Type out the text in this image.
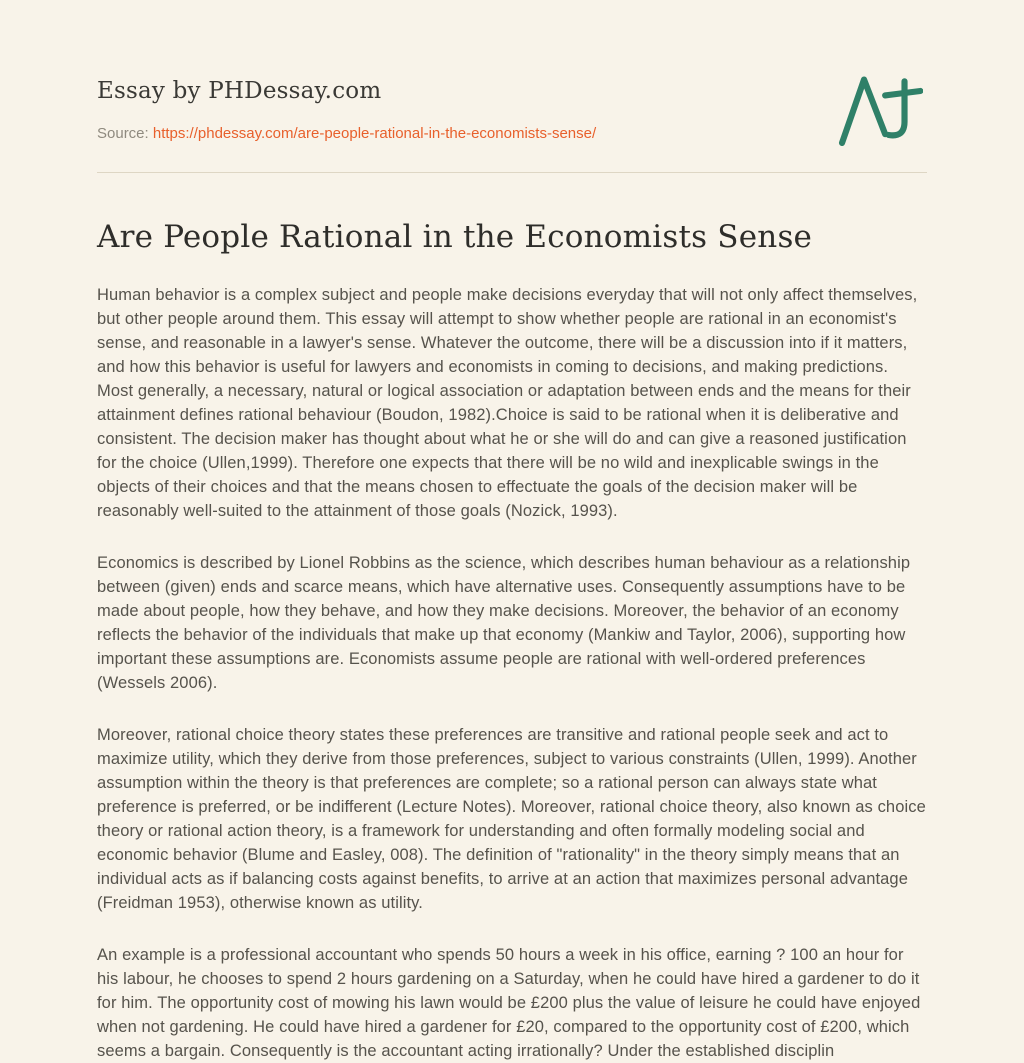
Essay by PHDessay.com
Source: https://phdessay.com/are-people-rational-in-the-economists-sense/
Are People Rational in the Economists Sense

Human behavior is a complex subject and people make decisions everyday that will not only affect themselves, but other people around them. This essay will attempt to show whether people are rational in an economist's sense, and reasonable in a lawyer's sense. Whatever the outcome, there will be a discussion into if it matters, and how this behavior is useful for lawyers and economists in coming to decisions, and making predictions. Most generally, a necessary, natural or logical association or adaptation between ends and the means for their attainment defines rational behaviour (Boudon, 1982).Choice is said to be rational when it is deliberative and consistent. The decision maker has thought about what he or she will do and can give a reasoned justification for the choice (Ullen,1999). Therefore one expects that there will be no wild and inexplicable swings in the objects of their choices and that the means chosen to effectuate the goals of the decision maker will be reasonably well-suited to the attainment of those goals (Nozick, 1993).

Economics is described by Lionel Robbins as the science, which describes human behaviour as a relationship between (given) ends and scarce means, which have alternative uses. Consequently assumptions have to be made about people, how they behave, and how they make decisions. Moreover, the behavior of an economy reflects the behavior of the individuals that make up that economy (Mankiw and Taylor, 2006), supporting how important these assumptions are. Economists assume people are rational with well-ordered preferences (Wessels 2006).

Moreover, rational choice theory states these preferences are transitive and rational people seek and act to maximize utility, which they derive from those preferences, subject to various constraints (Ullen, 1999). Another assumption within the theory is that preferences are complete; so a rational person can always state what preference is preferred, or be indifferent (Lecture Notes). Moreover, rational choice theory, also known as choice theory or rational action theory, is a framework for understanding and often formally modeling social and economic behavior (Blume and Easley, 008). The definition of "rationality" in the theory simply means that an individual acts as if balancing costs against benefits, to arrive at an action that maximizes personal advantage (Freidman 1953), otherwise known as utility.

An example is a professional accountant who spends 50 hours a week in his office, earning ? 100 an hour for his labour, he chooses to spend 2 hours gardening on a Saturday, when he could have hired a gardener to do it for him. The opportunity cost of mowing his lawn would be £200 plus the value of leisure he could have enjoyed when not gardening. He could have hired a gardener for £20, compared to the opportunity cost of £200, which seems a bargain. Consequently is the accountant acting irrationally? Under the established disciplin
